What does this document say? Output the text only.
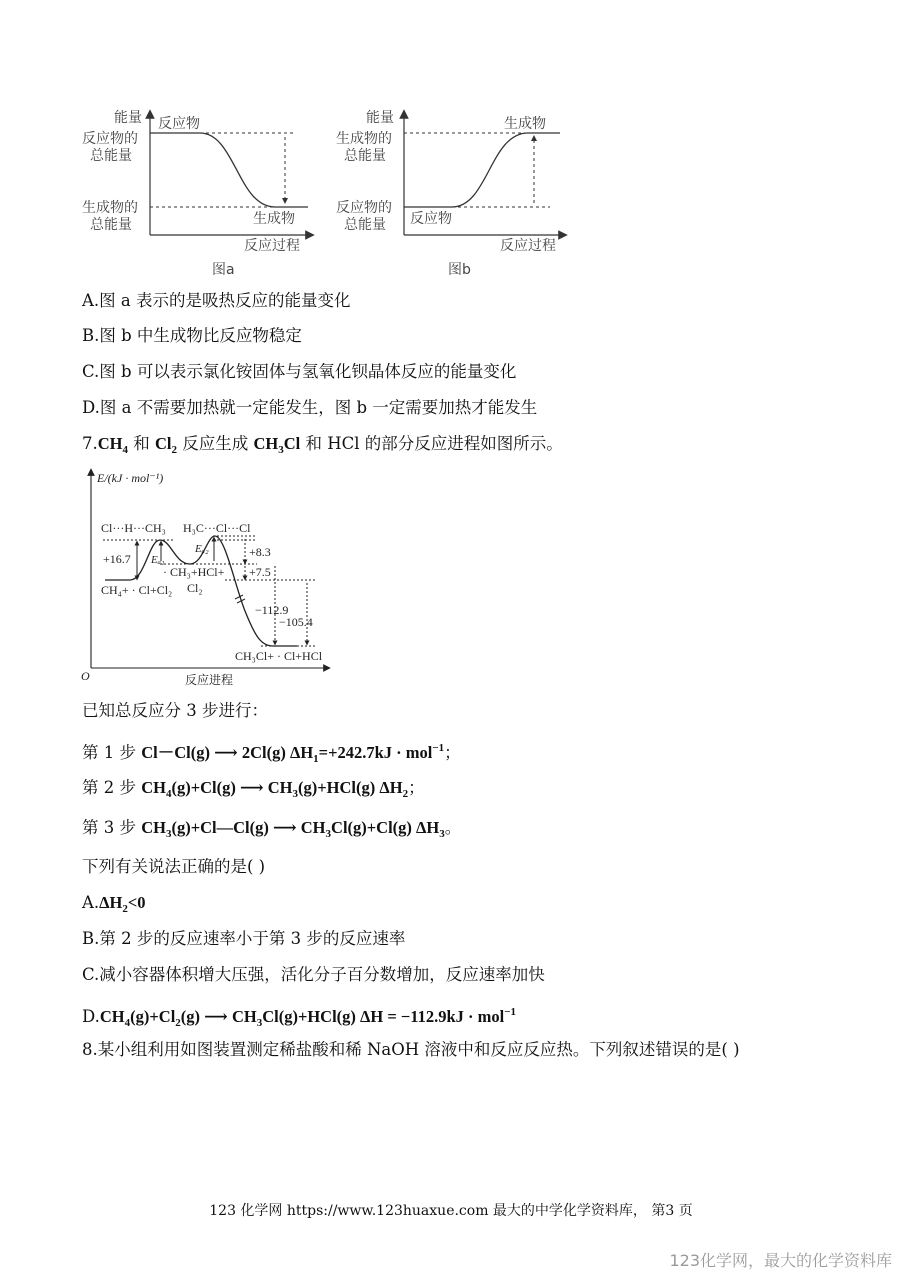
能量 反应物
反应物的
总能量
生成物的
总能量	生成物
反应过程
图a
能量	生成物
生成物的
总能量
反应物的
总能量 反应物
反应过程
图b
A.图 a 表示的是吸热反应的能量变化
B.图 b 中生成物比反应物稳定
C.图 b 可以表示氯化铵固体与氢氧化钡晶体反应的能量变化
D.图 a 不需要加热就一定能发生，图 b 一定需要加热才能发生
$7.CH_4$ 和 $Cl_2$ 反应生成 $CH_3Cl$ 和 HCl 的部分反应进程如图所示。
E/(kJ · mol⁻¹)
Cl···H···CH₃ H₃C···Cl···Cl
+16.7 Eₐ₁
Eₐ₂	+8.3
+7.5
· CH₃+HCl+
Cl₂
CH₄+ · Cl+Cl₂
−112.9
−105.4
CH₃Cl+ · Cl+HCl
O	反应进程
已知总反应分 3 步进行：
第 1 步 Cl－Cl(g) ⟶ 2Cl(g) $\Delta H_1=+242.7kJ \cdot mol^{-1}$；
第 2 步 $CH_4(g)+Cl(g)$ ⟶ $CH_3(g)+HCl(g)$ $\Delta H_2$；
第 3 步 $CH_3(g)+Cl—Cl(g)$ ⟶ $CH_3Cl(g)+Cl(g)$ $\Delta H_3$。
下列有关说法正确的是( )
$A.\Delta H_2<0$
B.第 2 步的反应速率小于第 3 步的反应速率
C.减小容器体积增大压强，活化分子百分数增加，反应速率加快
$D.CH_4(g)+Cl_2(g)$ ⟶ $CH_3Cl(g)+HCl(g) \Delta H = -112.9kJ \cdot mol^{-1}$
8.某小组利用如图装置测定稀盐酸和稀 NaOH 溶液中和反应反应热。下列叙述错误的是( )
123 化学网 https://www.123huaxue.com 最大的中学化学资料库， 第3 页
123化学网，最大的化学资料库
